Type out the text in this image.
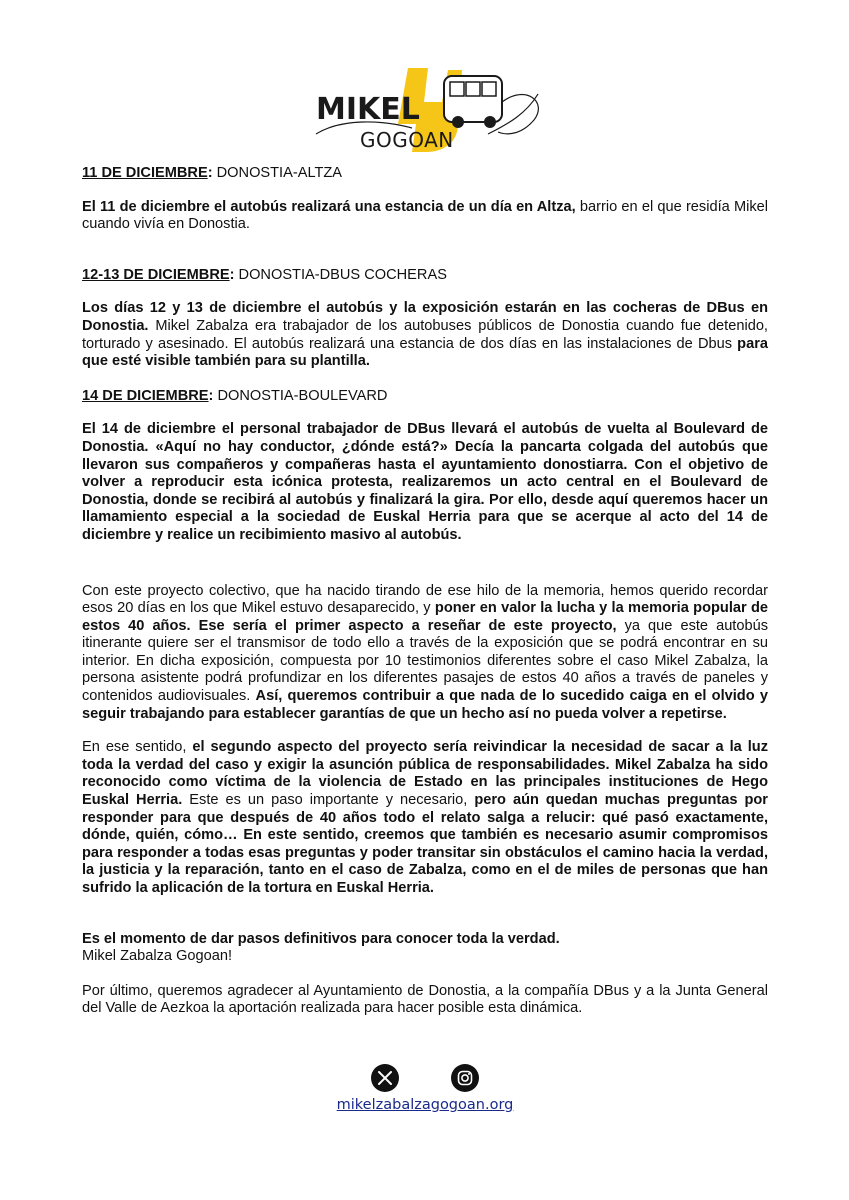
MIKEL
GOGOAN

11 DE DICIEMBRE: DONOSTIA-ALTZA

El 11 de diciembre el autobús realizará una estancia de un día en Altza, barrio en el que residía Mikel cuando vivía en Donostia.

12-13 DE DICIEMBRE: DONOSTIA-DBUS COCHERAS

Los días 12 y 13 de diciembre el autobús y la exposición estarán en las cocheras de DBus en Donostia. Mikel Zabalza era trabajador de los autobuses públicos de Donostia cuando fue detenido, torturado y asesinado. El autobús realizará una estancia de dos días en las instalaciones de Dbus para que esté visible también para su plantilla.

14 DE DICIEMBRE: DONOSTIA-BOULEVARD

El 14 de diciembre el personal trabajador de DBus llevará el autobús de vuelta al Boulevard de Donostia. «Aquí no hay conductor, ¿dónde está?» Decía la pancarta colgada del autobús que llevaron sus compañeros y compañeras hasta el ayuntamiento donostiarra. Con el objetivo de volver a reproducir esta icónica protesta, realizaremos un acto central en el Boulevard de Donostia, donde se recibirá al autobús y finalizará la gira. Por ello, desde aquí queremos hacer un llamamiento especial a la sociedad de Euskal Herria para que se acerque al acto del 14 de diciembre y realice un recibimiento masivo al autobús.

Con este proyecto colectivo, que ha nacido tirando de ese hilo de la memoria, hemos querido recordar esos 20 días en los que Mikel estuvo desaparecido, y poner en valor la lucha y la memoria popular de estos 40 años. Ese sería el primer aspecto a reseñar de este proyecto, ya que este autobús itinerante quiere ser el transmisor de todo ello a través de la exposición que se podrá encontrar en su interior. En dicha exposición, compuesta por 10 testimonios diferentes sobre el caso Mikel Zabalza, la persona asistente podrá profundizar en los diferentes pasajes de estos 40 años a través de paneles y contenidos audiovisuales. Así, queremos contribuir a que nada de lo sucedido caiga en el olvido y seguir trabajando para establecer garantías de que un hecho así no pueda volver a repetirse.

En ese sentido, el segundo aspecto del proyecto sería reivindicar la necesidad de sacar a la luz toda la verdad del caso y exigir la asunción pública de responsabilidades. Mikel Zabalza ha sido reconocido como víctima de la violencia de Estado en las principales instituciones de Hego Euskal Herria. Este es un paso importante y necesario, pero aún quedan muchas preguntas por responder para que después de 40 años todo el relato salga a relucir: qué pasó exactamente, dónde, quién, cómo… En este sentido, creemos que también es necesario asumir compromisos para responder a todas esas preguntas y poder transitar sin obstáculos el camino hacia la verdad, la justicia y la reparación, tanto en el caso de Zabalza, como en el de miles de personas que han sufrido la aplicación de la tortura en Euskal Herria.

Es el momento de dar pasos definitivos para conocer toda la verdad.

Mikel Zabalza Gogoan!

Por último, queremos agradecer al Ayuntamiento de Donostia, a la compañía DBus y a la Junta General del Valle de Aezkoa la aportación realizada para hacer posible esta dinámica.

mikelzabalzagogoan.org
